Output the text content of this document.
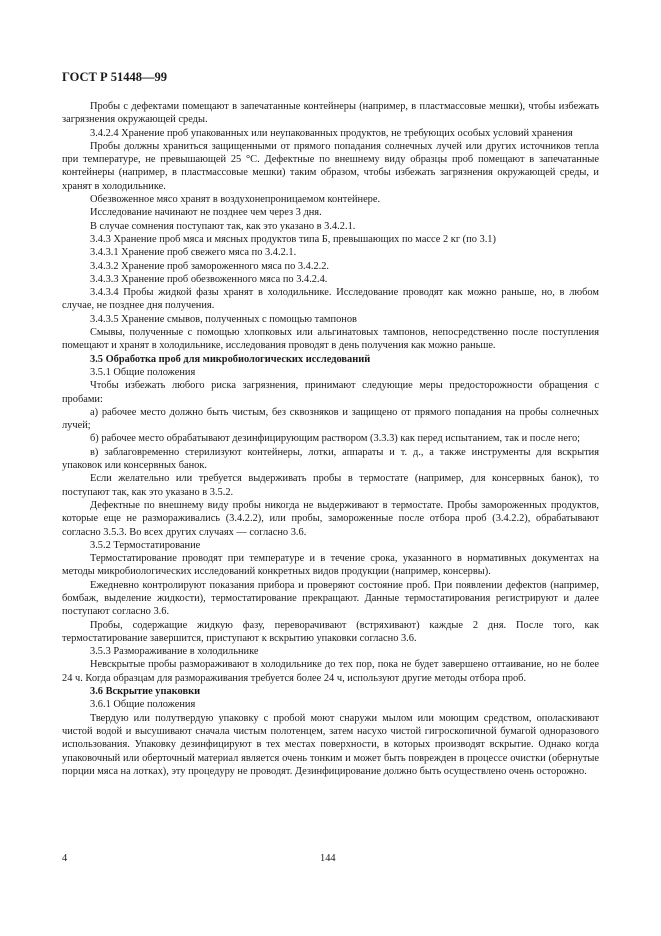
ГОСТ Р 51448—99

Пробы с дефектами помещают в запечатанные контейнеры (например, в пластмассовые мешки), чтобы избежать загрязнения окружающей среды.

3.4.2.4 Хранение проб упакованных или неупакованных продуктов, не требующих особых условий хранения

Пробы должны храниться защищенными от прямого попадания солнечных лучей или других источников тепла при температуре, не превышающей 25 °С. Дефектные по внешнему виду образцы проб помещают в запечатанные контейнеры (например, в пластмассовые мешки) таким образом, чтобы избежать загрязнения окружающей среды, и хранят в холодильнике.

Обезвоженное мясо хранят в воздухонепроницаемом контейнере.

Исследование начинают не позднее чем через 3 дня.

В случае сомнения поступают так, как это указано в 3.4.2.1.

3.4.3 Хранение проб мяса и мясных продуктов типа Б, превышающих по массе 2 кг (по 3.1)

3.4.3.1 Хранение проб свежего мяса по 3.4.2.1.

3.4.3.2 Хранение проб замороженного мяса по 3.4.2.2.

3.4.3.3 Хранение проб обезвоженного мяса по 3.4.2.4.

3.4.3.4 Пробы жидкой фазы хранят в холодильнике. Исследование проводят как можно раньше, но, в любом случае, не позднее дня получения.

3.4.3.5 Хранение смывов, полученных с помощью тампонов

Смывы, полученные с помощью хлопковых или альгинатовых тампонов, непосредственно после поступления помещают и хранят в холодильнике, исследования проводят в день получения как можно раньше.

3.5 Обработка проб для микробиологических исследований

3.5.1 Общие положения

Чтобы избежать любого риска загрязнения, принимают следующие меры предосторожности обращения с пробами:

а) рабочее место должно быть чистым, без сквозняков и защищено от прямого попадания на пробы солнечных лучей;

б) рабочее место обрабатывают дезинфицирующим раствором (3.3.3) как перед испытанием, так и после него;

в) заблаговременно стерилизуют контейнеры, лотки, аппараты и т. д., а также инструменты для вскрытия упаковок или консервных банок.

Если желательно или требуется выдерживать пробы в термостате (например, для консервных банок), то поступают так, как это указано в 3.5.2.

Дефектные по внешнему виду пробы никогда не выдерживают в термостате. Пробы замороженных продуктов, которые еще не размораживались (3.4.2.2), или пробы, замороженные после отбора проб (3.4.2.2), обрабатывают согласно 3.5.3. Во всех других случаях — согласно 3.6.

3.5.2 Термостатирование

Термостатирование проводят при температуре и в течение срока, указанного в нормативных документах на методы микробиологических исследований конкретных видов продукции (например, консервы).

Ежедневно контролируют показания прибора и проверяют состояние проб. При появлении дефектов (например, бомбаж, выделение жидкости), термостатирование прекращают. Данные термостатирования регистрируют и далее поступают согласно 3.6.

Пробы, содержащие жидкую фазу, переворачивают (встряхивают) каждые 2 дня. После того, как термостатирование завершится, приступают к вскрытию упаковки согласно 3.6.

3.5.3 Размораживание в холодильнике

Невскрытые пробы размораживают в холодильнике до тех пор, пока не будет завершено оттаивание, но не более 24 ч. Когда образцам для размораживания требуется более 24 ч, используют другие методы отбора проб.

3.6 Вскрытие упаковки

3.6.1 Общие положения

Твердую или полутвердую упаковку с пробой моют снаружи мылом или моющим средством, ополаскивают чистой водой и высушивают сначала чистым полотенцем, затем насухо чистой гигроскопичной бумагой одноразового использования. Упаковку дезинфицируют в тех местах поверхности, в которых производят вскрытие. Однако когда упаковочный или оберточный материал является очень тонким и может быть поврежден в процессе очистки (обернутые порции мяса на лотках), эту процедуру не проводят. Дезинфицирование должно быть осуществлено очень осторожно.

4	144
